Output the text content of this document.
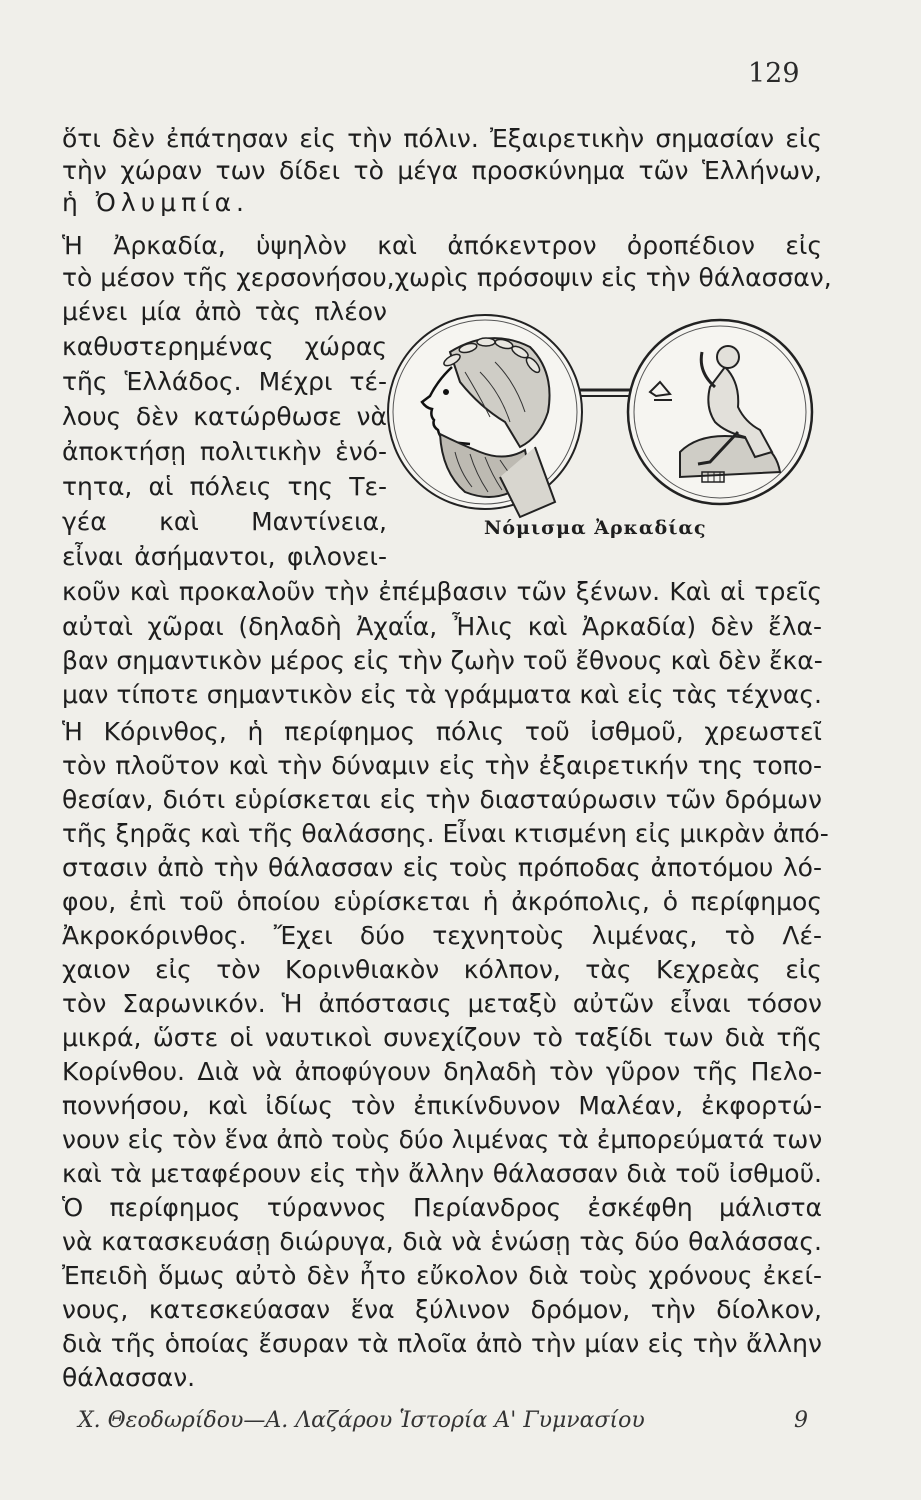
129
ὅτι δὲν ἐπάτησαν εἰς τὴν πόλιν. Ἐξαιρετικὴν σημασίαν εἰς
τὴν χώραν των δίδει τὸ μέγα προσκύνημα τῶν Ἑλλήνων,
ἡ Ὀλυμπία.
Ἡ Ἀρκαδία, ὑψηλὸν καὶ ἀπόκεντρον ὀροπέδιον εἰς
τὸ μέσον τῆς χερσονήσου,χωρὶς πρόσοψιν εἰς τὴν θάλασσαν,
μένει μία ἀπὸ τὰς πλέον
καθυστερημένας χώρας
τῆς Ἑλλάδος. Μέχρι τέ-
λους δὲν κατώρθωσε νὰ
ἀποκτήσῃ πολιτικὴν ἑνό-
τητα, αἱ πόλεις της Τε-
γέα καὶ Μαντίνεια,
εἶναι ἀσήμαντοι, φιλονει-
κοῦν καὶ προκαλοῦν τὴν ἐπέμβασιν τῶν ξένων. Καὶ αἱ τρεῖς
αὐταὶ χῶραι (δηλαδὴ Ἀχαΐα, Ἦλις καὶ Ἀρκαδία) δὲν ἔλα-
βαν σημαντικὸν μέρος εἰς τὴν ζωὴν τοῦ ἔθνους καὶ δὲν ἔκα-
μαν τίποτε σημαντικὸν εἰς τὰ γράμματα καὶ εἰς τὰς τέχνας.
Ἡ Κόρινθος, ἡ περίφημος πόλις τοῦ ἰσθμοῦ, χρεωστεῖ
τὸν πλοῦτον καὶ τὴν δύναμιν εἰς τὴν ἐξαιρετικήν της τοπο-
θεσίαν, διότι εὑρίσκεται εἰς τὴν διασταύρωσιν τῶν δρόμων
τῆς ξηρᾶς καὶ τῆς θαλάσσης. Εἶναι κτισμένη εἰς μικρὰν ἀπό-
στασιν ἀπὸ τὴν θάλασσαν εἰς τοὺς πρόποδας ἀποτόμου λό-
φου, ἐπὶ τοῦ ὁποίου εὑρίσκεται ἡ ἀκρόπολις, ὁ περίφημος
Ἀκροκόρινθος. Ἔχει δύο τεχνητοὺς λιμένας, τὸ Λέ-
χαιον εἰς τὸν Κορινθιακὸν κόλπον, τὰς Κεχρεὰς εἰς
τὸν Σαρωνικόν. Ἡ ἀπόστασις μεταξὺ αὐτῶν εἶναι τόσον
μικρά, ὥστε οἱ ναυτικοὶ συνεχίζουν τὸ ταξίδι των διὰ τῆς
Κορίνθου. Διὰ νὰ ἀποφύγουν δηλαδὴ τὸν γῦρον τῆς Πελο-
ποννήσου, καὶ ἰδίως τὸν ἐπικίνδυνον Μαλέαν, ἐκφορτώ-
νουν εἰς τὸν ἕνα ἀπὸ τοὺς δύο λιμένας τὰ ἐμπορεύματά των
καὶ τὰ μεταφέρουν εἰς τὴν ἄλλην θάλασσαν διὰ τοῦ ἰσθμοῦ.
Ὁ περίφημος τύραννος Περίανδρος ἐσκέφθη μάλιστα
νὰ κατασκευάσῃ διώρυγα, διὰ νὰ ἑνώσῃ τὰς δύο θαλάσσας.
Ἐπειδὴ ὅμως αὐτὸ δὲν ἦτο εὔκολον διὰ τοὺς χρόνους ἐκεί-
νους, κατεσκεύασαν ἕνα ξύλινον δρόμον, τὴν δίολκον,
διὰ τῆς ὁποίας ἔσυραν τὰ πλοῖα ἀπὸ τὴν μίαν εἰς τὴν ἄλλην
θάλασσαν.
Νόμισμα Ἀρκαδίας
Χ. Θεοδωρίδου—Α. Λαζάρου Ἱστορία Α' Γυμνασίου	9
